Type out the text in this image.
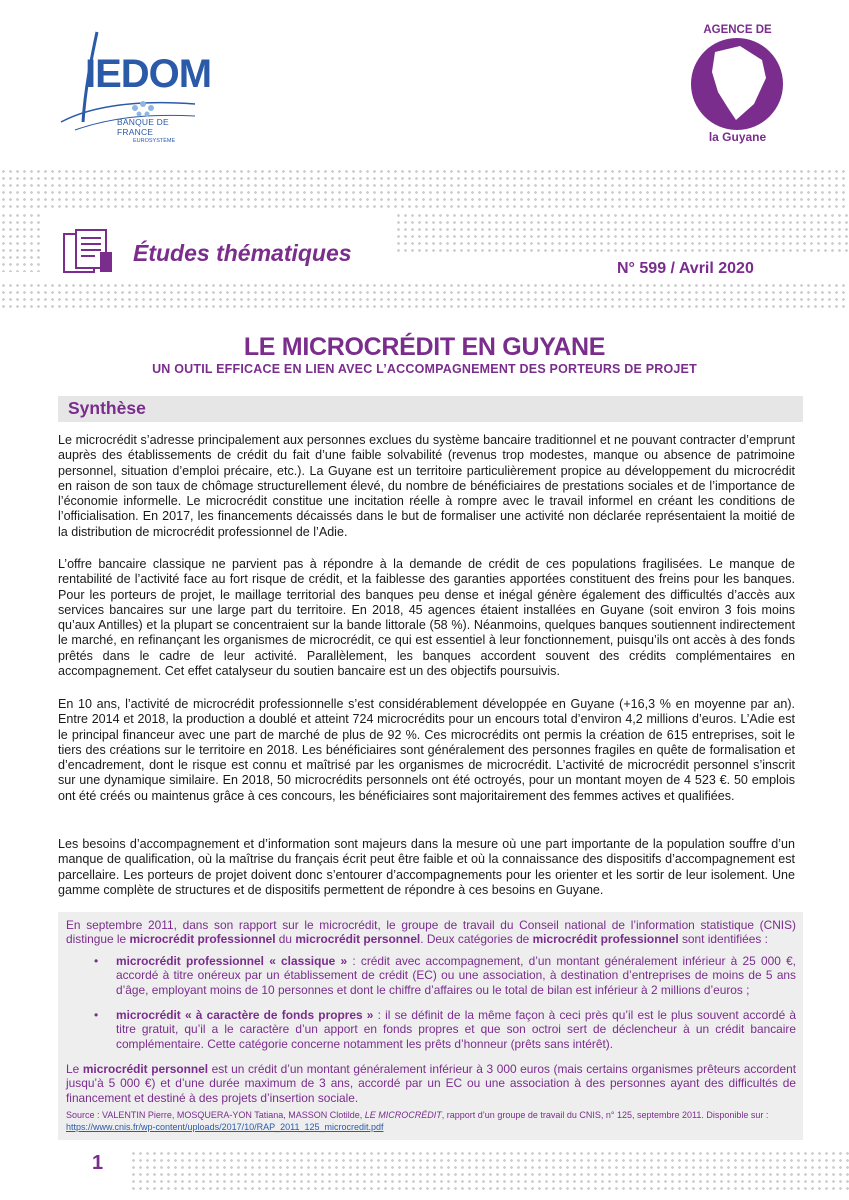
IEDOM
BANQUE DE FRANCE
EUROSYSTÈME
AGENCE DE
la Guyane
Études thématiques
N° 599 / Avril 2020
LE MICROCRÉDIT EN GUYANE
UN OUTIL EFFICACE EN LIEN AVEC L’ACCOMPAGNEMENT DES PORTEURS DE PROJET
Synthèse
Le microcrédit s’adresse principalement aux personnes exclues du système bancaire traditionnel et ne pouvant contracter d’emprunt auprès des établissements de crédit du fait d’une faible solvabilité (revenus trop modestes, manque ou absence de patrimoine personnel, situation d’emploi précaire, etc.). La Guyane est un territoire particulièrement propice au développement du microcrédit en raison de son taux de chômage structurellement élevé, du nombre de bénéficiaires de prestations sociales et de l’importance de l’économie informelle. Le microcrédit constitue une incitation réelle à rompre avec le travail informel en créant les conditions de l’officialisation. En 2017, les financements décaissés dans le but de formaliser une activité non déclarée représentaient la moitié de la distribution de microcrédit professionnel de l’Adie.
L’offre bancaire classique ne parvient pas à répondre à la demande de crédit de ces populations fragilisées. Le manque de rentabilité de l’activité face au fort risque de crédit, et la faiblesse des garanties apportées constituent des freins pour les banques. Pour les porteurs de projet, le maillage territorial des banques peu dense et inégal génère également des difficultés d’accès aux services bancaires sur une large part du territoire. En 2018, 45 agences étaient installées en Guyane (soit environ 3 fois moins qu’aux Antilles) et la plupart se concentraient sur la bande littorale (58 %). Néanmoins, quelques banques soutiennent indirectement le marché, en refinançant les organismes de microcrédit, ce qui est essentiel à leur fonctionnement, puisqu’ils ont accès à des fonds prêtés dans le cadre de leur activité. Parallèlement, les banques accordent souvent des crédits complémentaires en accompagnement. Cet effet catalyseur du soutien bancaire est un des objectifs poursuivis.
En 10 ans, l’activité de microcrédit professionnelle s’est considérablement développée en Guyane (+16,3 % en moyenne par an). Entre 2014 et 2018, la production a doublé et atteint 724 microcrédits pour un encours total d’environ 4,2 millions d’euros. L’Adie est le principal financeur avec une part de marché de plus de 92 %. Ces microcrédits ont permis la création de 615 entreprises, soit le tiers des créations sur le territoire en 2018. Les bénéficiaires sont généralement des personnes fragiles en quête de formalisation et d’encadrement, dont le risque est connu et maîtrisé par les organismes de microcrédit. L’activité de microcrédit personnel s’inscrit sur une dynamique similaire. En 2018, 50 microcrédits personnels ont été octroyés, pour un montant moyen de 4 523 €. 50 emplois ont été créés ou maintenus grâce à ces concours, les bénéficiaires sont majoritairement des femmes actives et qualifiées.
Les besoins d’accompagnement et d’information sont majeurs dans la mesure où une part importante de la population souffre d’un manque de qualification, où la maîtrise du français écrit peut être faible et où la connaissance des dispositifs d’accompagnement est parcellaire. Les porteurs de projet doivent donc s’entourer d’accompagnements pour les orienter et les sortir de leur isolement. Une gamme complète de structures et de dispositifs permettent de répondre à ces besoins en Guyane.
En septembre 2011, dans son rapport sur le microcrédit, le groupe de travail du Conseil national de l’information statistique (CNIS) distingue le microcrédit professionnel du microcrédit personnel. Deux catégories de microcrédit professionnel sont identifiées :
• microcrédit professionnel « classique » : crédit avec accompagnement, d’un montant généralement inférieur à 25 000 €, accordé à titre onéreux par un établissement de crédit (EC) ou une association, à destination d’entreprises de moins de 5 ans d’âge, employant moins de 10 personnes et dont le chiffre d’affaires ou le total de bilan est inférieur à 2 millions d’euros ;
• microcrédit « à caractère de fonds propres » : il se définit de la même façon à ceci près qu’il est le plus souvent accordé à titre gratuit, qu’il a le caractère d’un apport en fonds propres et que son octroi sert de déclencheur à un crédit bancaire complémentaire. Cette catégorie concerne notamment les prêts d’honneur (prêts sans intérêt).
Le microcrédit personnel est un crédit d’un montant généralement inférieur à 3 000 euros (mais certains organismes prêteurs accordent jusqu’à 5 000 €) et d’une durée maximum de 3 ans, accordé par un EC ou une association à des personnes ayant des difficultés de financement et destiné à des projets d’insertion sociale.
Source : VALENTIN Pierre, MOSQUERA-YON Tatiana, MASSON Clotilde, LE MICROCRÉDIT, rapport d’un groupe de travail du CNIS, n° 125, septembre 2011. Disponible sur : https://www.cnis.fr/wp-content/uploads/2017/10/RAP_2011_125_microcredit.pdf
1
